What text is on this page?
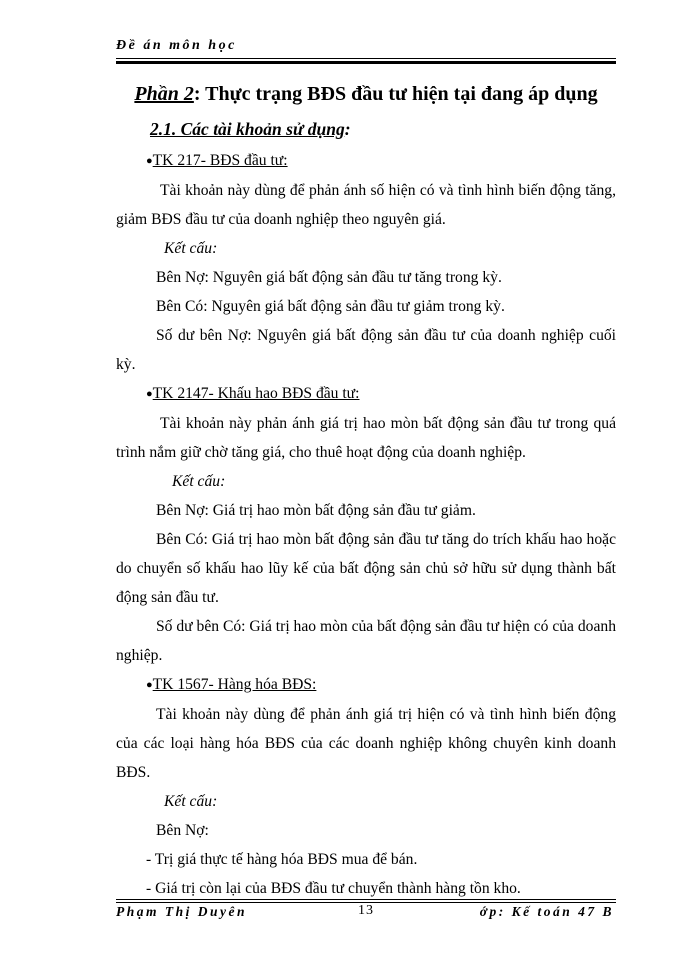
Đề án môn học

Phần 2: Thực trạng BĐS đầu tư hiện tại đang áp dụng

2.1. Các tài khoản sử dụng:

●TK 217- BĐS đầu tư:

Tài khoản này dùng để phản ánh số hiện có và tình hình biến động tăng, giảm BĐS đầu tư của doanh nghiệp theo nguyên giá.

Kết cấu:

Bên Nợ: Nguyên giá bất động sản đầu tư tăng trong kỳ.

Bên Có: Nguyên giá bất động sản đầu tư giảm trong kỳ.

Số dư bên Nợ: Nguyên giá bất động sản đầu tư của doanh nghiệp cuối kỳ.

●TK 2147- Khấu hao BĐS đầu tư:

Tài khoản này phản ánh giá trị hao mòn bất động sản đầu tư trong quá trình nắm giữ chờ tăng giá, cho thuê hoạt động của doanh nghiệp.

Kết cấu:

Bên Nợ: Giá trị hao mòn bất động sản đầu tư giảm.

Bên Có: Giá trị hao mòn bất động sản đầu tư tăng do trích khấu hao hoặc do chuyển số khấu hao lũy kế của bất động sản chủ sở hữu sử dụng thành bất động sản đầu tư.

Số dư bên Có: Giá trị hao mòn của bất động sản đầu tư hiện có của doanh nghiệp.

●TK 1567- Hàng hóa BĐS:

Tài khoản này dùng để phản ánh giá trị hiện có và tình hình biến động của các loại hàng hóa BĐS của các doanh nghiệp không chuyên kinh doanh BĐS.

Kết cấu:

Bên Nợ:

- Trị giá thực tế hàng hóa BĐS mua để bán.

- Giá trị còn lại của BĐS đầu tư chuyển thành hàng tồn kho.

Phạm Thị Duyên	13	ớp: Kế toán 47 B
